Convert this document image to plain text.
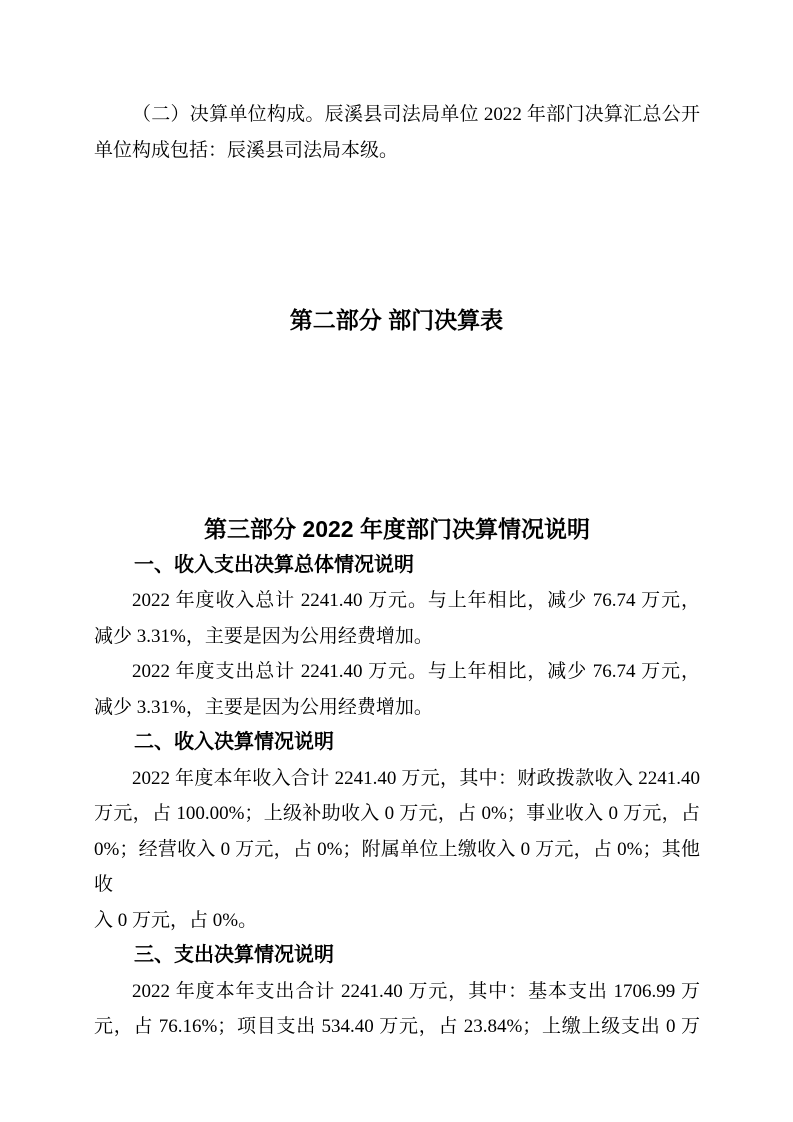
（二）决算单位构成。辰溪县司法局单位 2022 年部门决算汇总公开
单位构成包括：辰溪县司法局本级。
第二部分 部门决算表
第三部分 2022 年度部门决算情况说明
一、收入支出决算总体情况说明
2022 年度收入总计 2241.40 万元。与上年相比，减少 76.74 万元，
减少 3.31%，主要是因为公用经费增加。
2022 年度支出总计 2241.40 万元。与上年相比，减少 76.74 万元，
减少 3.31%，主要是因为公用经费增加。
二、收入决算情况说明
2022 年度本年收入合计 2241.40 万元，其中：财政拨款收入 2241.40
万元，占 100.00%；上级补助收入 0 万元，占 0%；事业收入 0 万元，占
0%；经营收入 0 万元，占 0%；附属单位上缴收入 0 万元，占 0%；其他收
入 0 万元，占 0%。
三、支出决算情况说明
2022 年度本年支出合计 2241.40 万元，其中：基本支出 1706.99 万
元，占 76.16%；项目支出 534.40 万元，占 23.84%；上缴上级支出 0 万
